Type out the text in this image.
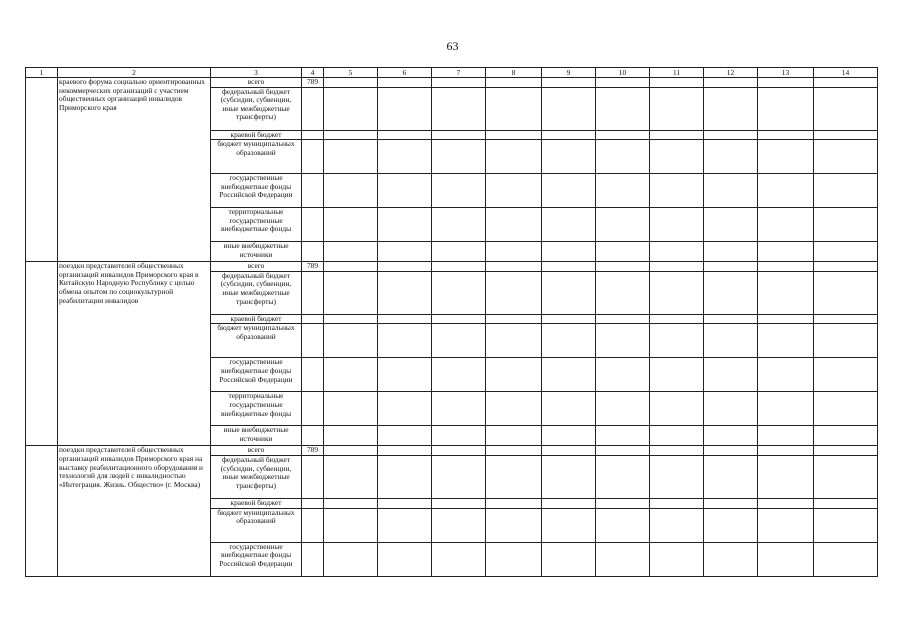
63
1	2	3	4	5	6	7	8	9	10	11	12	13	14
	краевого форума социально ориентированных некоммерческих организаций с участием общественных организаций инвалидов Приморского края	всего	789										
		федеральный бюджет (субсидии, субвенции, иные межбюджетные трансферты)											
		краевой бюджет											
		бюджет муниципальных образований											
		государственные внебюджетные фонды Российской Федерации											
		территориальные государственные внебюджетные фонды											
		иные внебюджетные источники											
	поездки представителей общественных организаций инвалидов Приморского края в Китайскую Народную Республику с целью обмена опытом по социокультурной реабилитации инвалидов	всего	789										
		федеральный бюджет (субсидии, субвенции, иные межбюджетные трансферты)											
		краевой бюджет											
		бюджет муниципальных образований											
		государственные внебюджетные фонды Российской Федерации											
		территориальные государственные внебюджетные фонды											
		иные внебюджетные источники											
	поездки представителей общественных организаций инвалидов Приморского края на выставку реабилитационного оборудования и технологий для людей с инвалидностью «Интеграция. Жизнь. Общество» (г. Москва)	всего	789										
		федеральный бюджет (субсидии, субвенции, иные межбюджетные трансферты)											
		краевой бюджет											
		бюджет муниципальных образований											
		государственные внебюджетные фонды Российской Федерации											
